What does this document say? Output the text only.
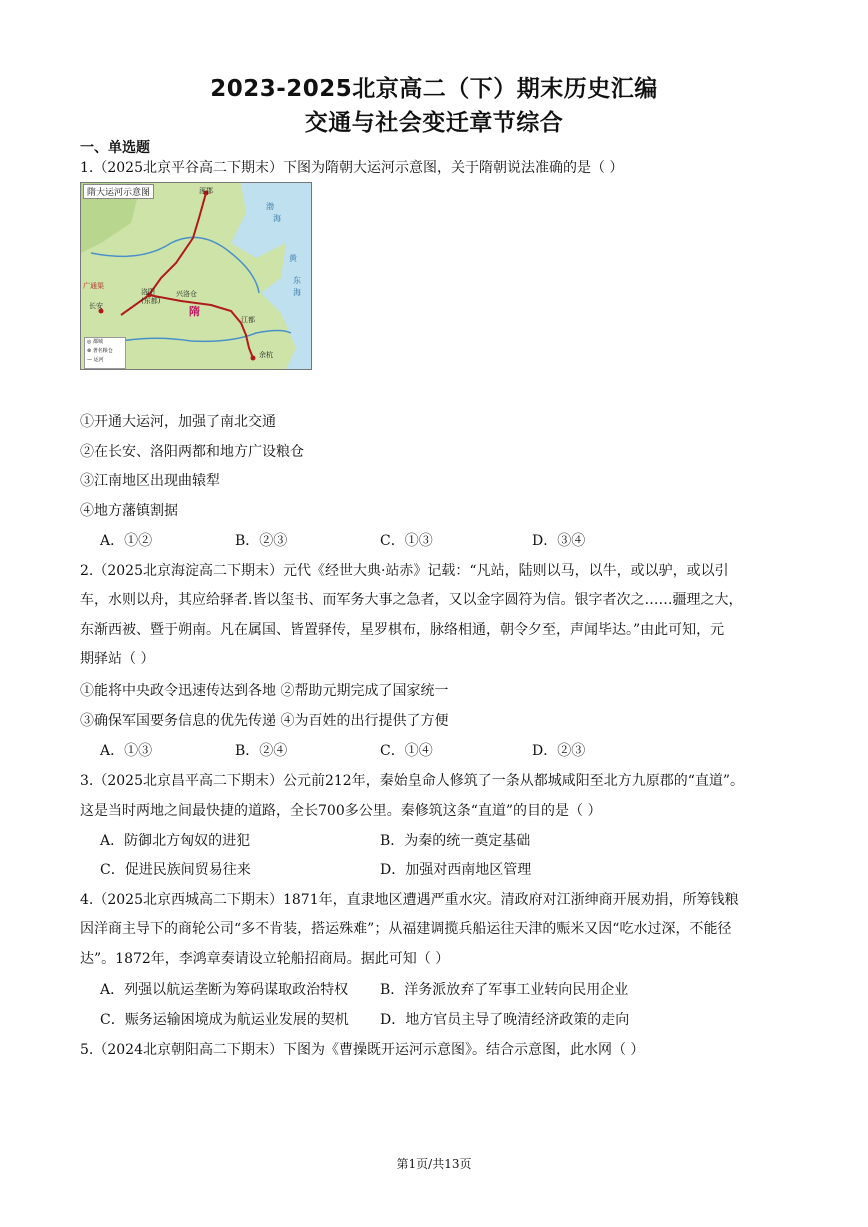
2023-2025北京高二（下）期末历史汇编
交通与社会变迁章节综合
一、单选题
1.（2025北京平谷高二下期末）下图为隋朝大运河示意图，关于隋朝说法准确的是（ ）
隋大运河示意图	涿郡
洛阳
(东都)
长安	隋
余杭
江都
兴洛仓
广通渠
渤
海
黄
东
海
◎ 都城
⊗ 著名粮仓
— 运河
①开通大运河，加强了南北交通
②在长安、洛阳两都和地方广设粮仓
③江南地区出现曲辕犁
④地方藩镇割据
A．①②	B．②③	C．①③	D．③④
2.（2025北京海淀高二下期末）元代《经世大典·站赤》记载：“凡站，陆则以马，以牛，或以驴，或以引
车，水则以舟，其应给驿者.皆以玺书、而军务大事之急者，又以金字圆符为信。银字者次之……疆理之大，
东渐西被、暨于朔南。凡在属国、皆置驿传，星罗棋布，脉络相通，朝令夕至，声闻毕达。”由此可知，元
期驿站（ ）
①能将中央政令迅速传达到各地 ②帮助元期完成了国家统一
③确保军国要务信息的优先传递 ④为百姓的出行提供了方便
A．①③	B．②④	C．①④	D．②③
3.（2025北京昌平高二下期末）公元前212年，秦始皇命人修筑了一条从都城咸阳至北方九原郡的“直道”。
这是当时两地之间最快捷的道路，全长700多公里。秦修筑这条“直道”的目的是（ ）
A．防御北方匈奴的进犯	B．为秦的统一奠定基础
C．促进民族间贸易往来	D．加强对西南地区管理
4.（2025北京西城高二下期末）1871年，直隶地区遭遇严重水灾。清政府对江浙绅商开展劝捐，所筹钱粮
因洋商主导下的商轮公司“多不肯装，搭运殊难”；从福建调揽兵船运往天津的赈米又因“吃水过深，不能径
达”。1872年，李鸿章奏请设立轮船招商局。据此可知（ ）
A．列强以航运垄断为筹码谋取政治特权 B．洋务派放弃了军事工业转向民用企业
C．赈务运输困境成为航运业发展的契机 D．地方官员主导了晚清经济政策的走向
5.（2024北京朝阳高二下期末）下图为《曹操既开运河示意图》。结合示意图，此水网（ ）
第1页/共13页
